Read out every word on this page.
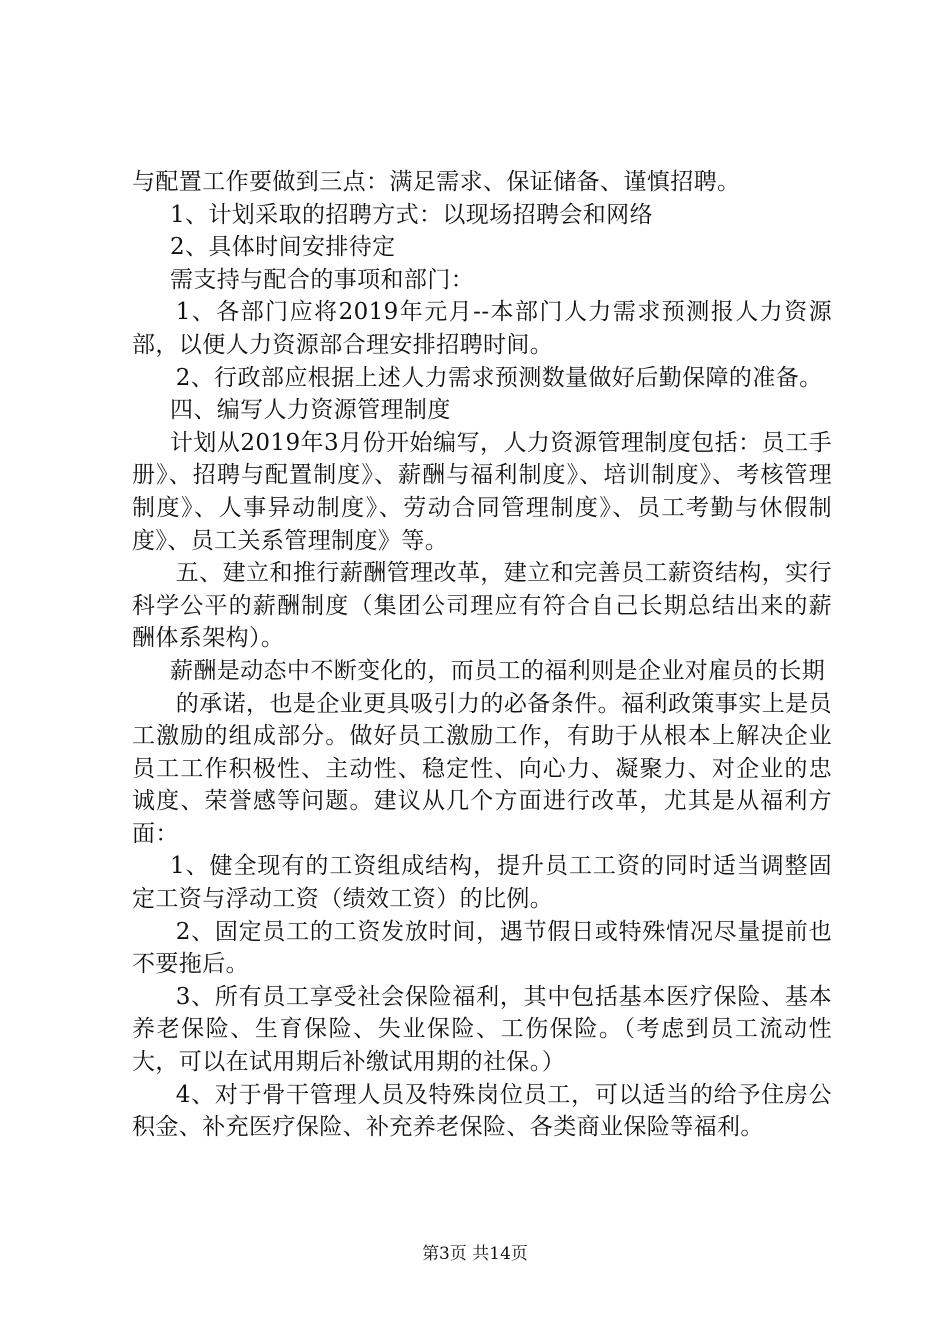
与配置工作要做到三点：满足需求、保证储备、谨慎招聘。

1、计划采取的招聘方式：以现场招聘会和网络

2、具体时间安排待定

需支持与配合的事项和部门：

1、各部门应将2019年元月--本部门人力需求预测报人力资源部，以便人力资源部合理安排招聘时间。

2、行政部应根据上述人力需求预测数量做好后勤保障的准备。

四、编写人力资源管理制度

计划从2019年3月份开始编写，人力资源管理制度包括：员工手册》、招聘与配置制度》、薪酬与福利制度》、培训制度》、考核管理制度》、人事异动制度》、劳动合同管理制度》、员工考勤与休假制度》、员工关系管理制度》等。

五、建立和推行薪酬管理改革，建立和完善员工薪资结构，实行科学公平的薪酬制度（集团公司理应有符合自己长期总结出来的薪酬体系架构）。

薪酬是动态中不断变化的，而员工的福利则是企业对雇员的长期

的承诺，也是企业更具吸引力的必备条件。福利政策事实上是员工激励的组成部分。做好员工激励工作，有助于从根本上解决企业员工工作积极性、主动性、稳定性、向心力、凝聚力、对企业的忠诚度、荣誉感等问题。建议从几个方面进行改革，尤其是从福利方面：

1、健全现有的工资组成结构，提升员工工资的同时适当调整固定工资与浮动工资（绩效工资）的比例。

2、固定员工的工资发放时间，遇节假日或特殊情况尽量提前也不要拖后。

3、所有员工享受社会保险福利，其中包括基本医疗保险、基本养老保险、生育保险、失业保险、工伤保险。（考虑到员工流动性大，可以在试用期后补缴试用期的社保。）

4、对于骨干管理人员及特殊岗位员工，可以适当的给予住房公积金、补充医疗保险、补充养老保险、各类商业保险等福利。

第3页 共14页
